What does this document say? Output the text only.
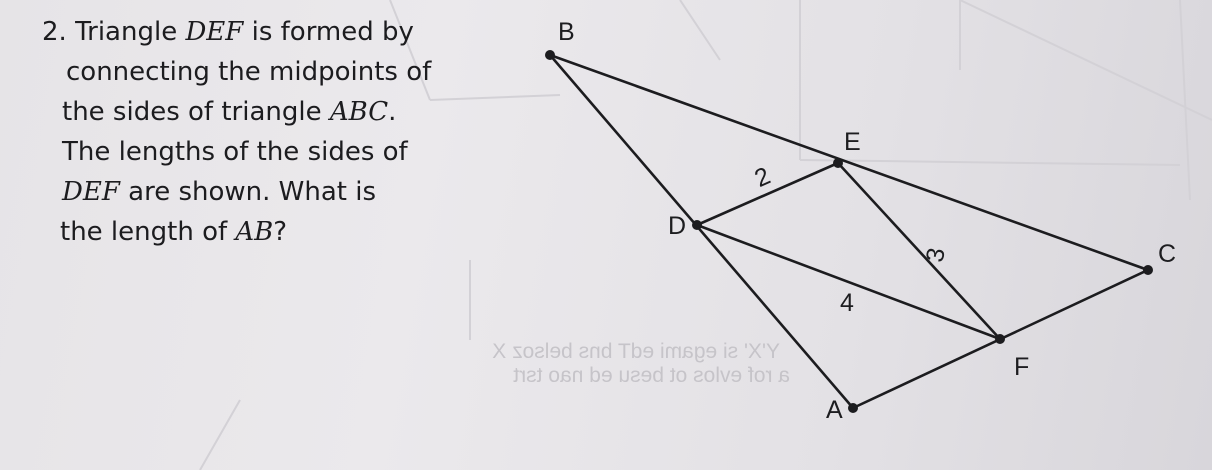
Y'X' si egami edT bns belsoz X
a rof evlos ot besu ed nao tsrt
2. Triangle DEF is formed by
connecting the midpoints of
the sides of triangle ABC.
The lengths of the sides of
DEF are shown. What is
the length of AB?
B
A
C
D
E
F
2
3
4
